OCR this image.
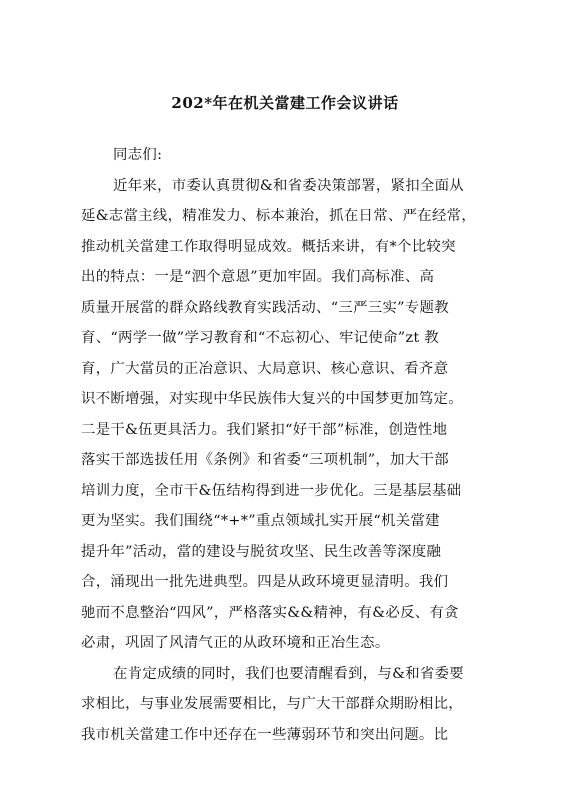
202*年在机关當建工作会议讲话
同志们:
近年来，市委认真贯彻&和省委决策部署，紧扣全面从
延&志當主线，精准发力、标本兼治，抓在日常、严在经常，
推动机关當建工作取得明显成效。概括来讲，有*个比较突
出的特点：一是“泗个意恩”更加牢固。我们高标准、高
质量开展當的群众路线教育实践活动、“三严三实”专题教
育、“两学一做”学习教育和“不忘初心、牢记使命”zt 教
育，广大當员的正冶意识、大局意识、核心意识、看齐意
识不断增强，对实现中华民族伟大复兴的中国梦更加笃定。
二是干&伍更具活力。我们紧扣“好干部”标准，创造性地
落实干部选拔任用《条例》和省委“三项机制”，加大干部
培训力度，全市干&伍结构得到进一步优化。三是基层基础
更为坚实。我们围绕“*+*”重点领域扎实开展“机关當建
提升年”活动，當的建设与脱贫攻坚、民生改善等深度融
合，涌现出一批先进典型。四是从政环境更显清明。我们
驰而不息整治“四风”，严格落实&&精神，有&必反、有贪
必肃，巩固了风清气正的从政环境和正冶生态。
在肯定成绩的同时，我们也要清醒看到，与&和省委要
求相比，与事业发展需要相比，与广大干部群众期盼相比，
我市机关當建工作中还存在一些薄弱环节和突出问题。比
